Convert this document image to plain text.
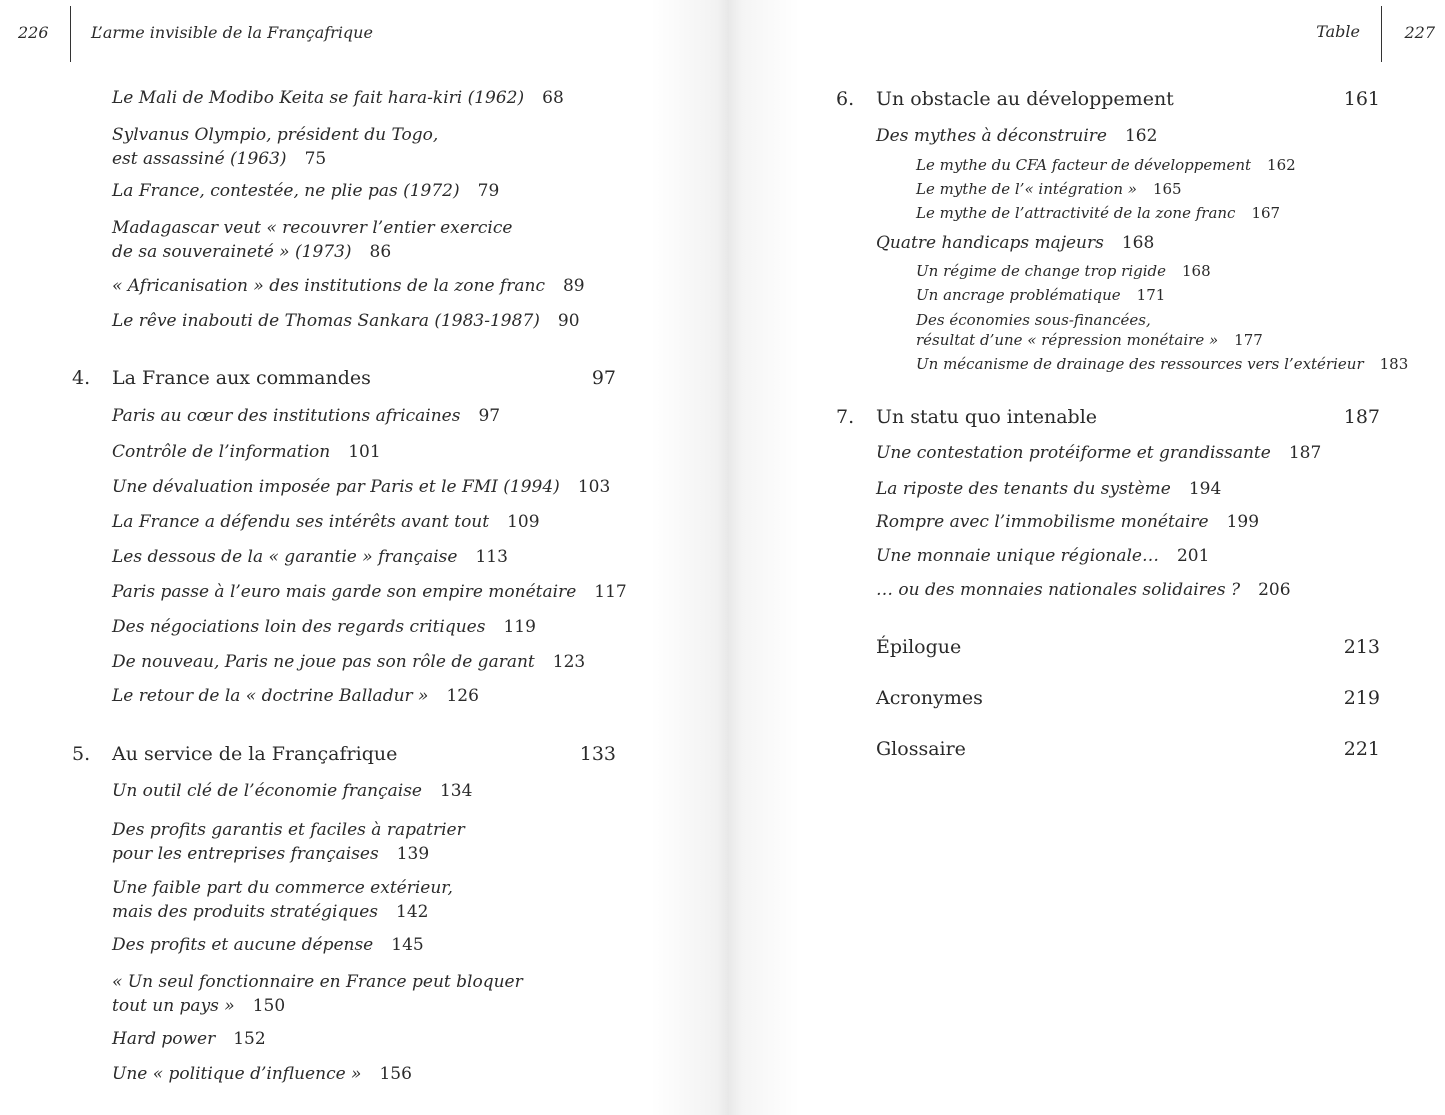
226	L’arme invisible de la Françafrique
Le Mali de Modibo Keita se fait hara-kiri (1962) 68
Sylvanus Olympio, président du Togo,
est assassiné (1963) 75
La France, contestée, ne plie pas (1972) 79
Madagascar veut « recouvrer l’entier exercice
de sa souveraineté » (1973) 86
« Africanisation » des institutions de la zone franc 89
Le rêve inabouti de Thomas Sankara (1983-1987) 90
4. La France aux commandes	97
Paris au cœur des institutions africaines 97
Contrôle de l’information 101
Une dévaluation imposée par Paris et le FMI (1994) 103
La France a défendu ses intérêts avant tout 109
Les dessous de la « garantie » française 113
Paris passe à l’euro mais garde son empire monétaire 117
Des négociations loin des regards critiques 119
De nouveau, Paris ne joue pas son rôle de garant 123
Le retour de la « doctrine Balladur » 126
5. Au service de la Françafrique	133
Un outil clé de l’économie française 134
Des profits garantis et faciles à rapatrier
pour les entreprises françaises 139
Une faible part du commerce extérieur,
mais des produits stratégiques 142
Des profits et aucune dépense 145
« Un seul fonctionnaire en France peut bloquer
tout un pays » 150
Hard power 152
Une « politique d’influence » 156
Table	227
6. Un obstacle au développement	161
Des mythes à déconstruire 162
Le mythe du CFA facteur de développement 162
Le mythe de l’« intégration » 165
Le mythe de l’attractivité de la zone franc 167
Quatre handicaps majeurs 168
Un régime de change trop rigide 168
Un ancrage problématique 171
Des économies sous-financées,
résultat d’une « répression monétaire » 177
Un mécanisme de drainage des ressources vers l’extérieur 183
7. Un statu quo intenable	187
Une contestation protéiforme et grandissante 187
La riposte des tenants du système 194
Rompre avec l’immobilisme monétaire 199
Une monnaie unique régionale… 201
… ou des monnaies nationales solidaires ? 206
Épilogue	213
Acronymes	219
Glossaire	221
